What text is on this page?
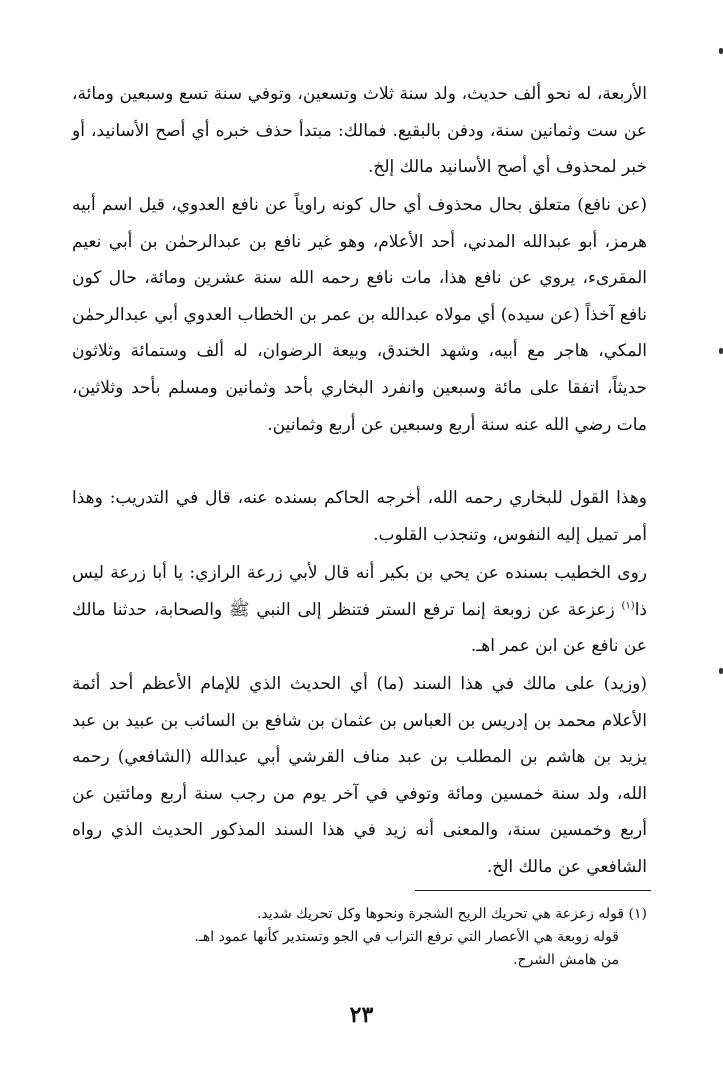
الأربعة، له نحو ألف حديث، ولد سنة ثلاث وتسعين، وتوفي سنة تسع وسبعين ومائة، عن ست وثمانين سنة، ودفن بالبقيع. فمالك: مبتدأ حذف خبره أي أصح الأسانيد، أو خبر لمحذوف أي أصح الأسانيد مالك إلخ.

(عن نافع) متعلق بحال محذوف أي حال كونه راوياً عن نافع العدوي، قيل اسم أبيه هرمز، أبو عبدالله المدني، أحد الأعلام، وهو غير نافع بن عبدالرحمٰن بن أبي نعيم المقرىء، يروي عن نافع هذا، مات نافع رحمه الله سنة عشرين ومائة، حال كون نافع آخذاً (عن سيده) أي مولاه عبدالله بن عمر بن الخطاب العدوي أبي عبدالرحمٰن المكي، هاجر مع أبيه، وشهد الخندق، وبيعة الرضوان، له ألف وستمائة وثلاثون حديثاً، اتفقا على مائة وسبعين وانفرد البخاري بأحد وثمانين ومسلم بأحد وثلاثين، مات رضي الله عنه سنة أربع وسبعين عن أربع وثمانين.

وهذا القول للبخاري رحمه الله، أخرجه الحاكم بسنده عنه، قال في التدريب: وهذا أمر تميل إليه النفوس، وتنجذب القلوب.

روى الخطيب بسنده عن يحي بن بكير أنه قال لأبي زرعة الرازي: يا أبا زرعة ليس ذا$^{(١)}$ زعزعة عن زوبعة إنما ترفع الستر فتنظر إلى النبي ﷺ والصحابة، حدثنا مالك عن نافع عن ابن عمر اهـ.

(وزيد) على مالك في هذا السند (ما) أي الحديث الذي للإمام الأعظم أحد أئمة الأعلام محمد بن إدريس بن العباس بن عثمان بن شافع بن السائب بن عبيد بن عبد يزيد بن هاشم بن المطلب بن عبد مناف القرشي أبي عبدالله (الشافعي) رحمه الله، ولد سنة خمسين ومائة وتوفي في آخر يوم من رجب سنة أربع ومائتين عن أربع وخمسين سنة، والمعنى أنه زيد في هذا السند المذكور الحديث الذي رواه الشافعي عن مالك الخ.

(١) قوله زعزعة هي تحريك الريح الشجرة ونحوها وكل تحريك شديد.
قوله زوبعة هي الأعصار التي ترفع التراب في الجو وتستدير كأنها عمود اهـ.
من هامش الشرح.
٢٣
